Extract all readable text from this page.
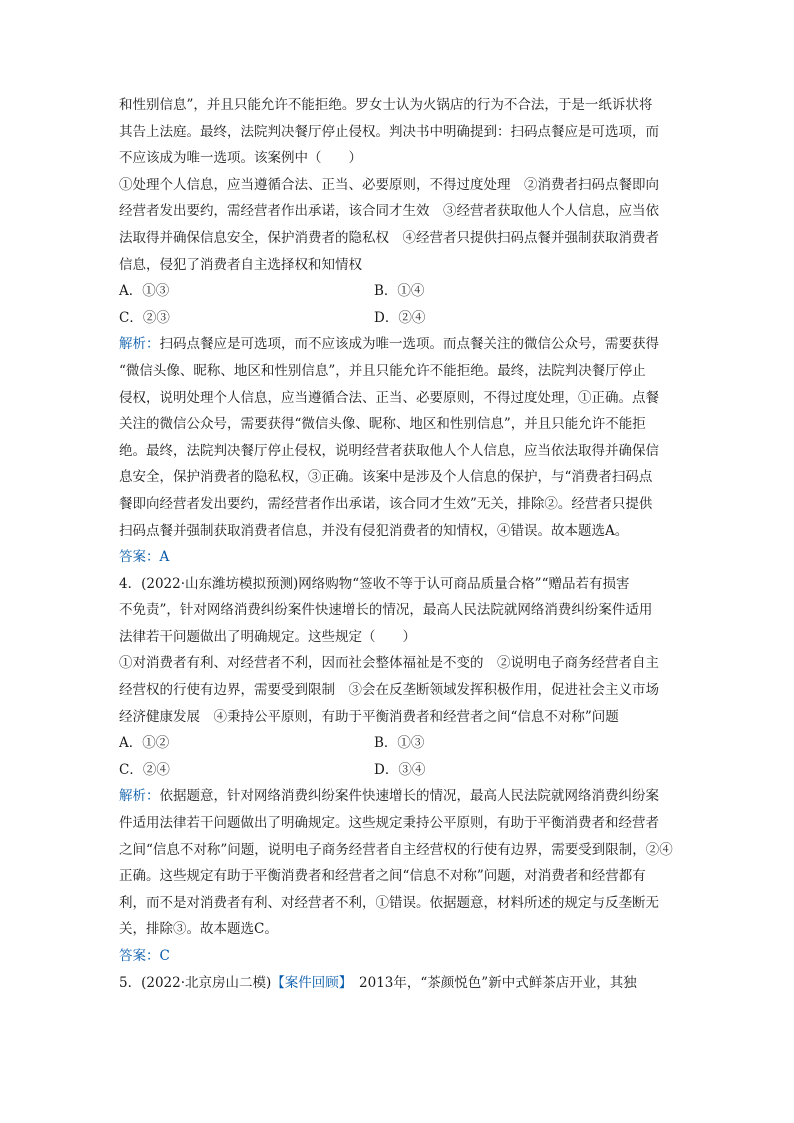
和性别信息”，并且只能允许不能拒绝。罗女士认为火锅店的行为不合法，于是一纸诉状将
其告上法庭。最终，法院判决餐厅停止侵权。判决书中明确提到：扫码点餐应是可选项，而
不应该成为唯一选项。该案例中（　　）
①处理个人信息，应当遵循合法、正当、必要原则，不得过度处理　②消费者扫码点餐即向
经营者发出要约，需经营者作出承诺，该合同才生效　③经营者获取他人个人信息，应当依
法取得并确保信息安全，保护消费者的隐私权　④经营者只提供扫码点餐并强制获取消费者
信息，侵犯了消费者自主选择权和知情权
A．①③	B．①④
C．②③	D．②④
解析：扫码点餐应是可选项，而不应该成为唯一选项。而点餐关注的微信公众号，需要获得
“微信头像、昵称、地区和性别信息”，并且只能允许不能拒绝。最终，法院判决餐厅停止
侵权，说明处理个人信息，应当遵循合法、正当、必要原则，不得过度处理，①正确。点餐
关注的微信公众号，需要获得“微信头像、昵称、地区和性别信息”，并且只能允许不能拒
绝。最终，法院判决餐厅停止侵权，说明经营者获取他人个人信息，应当依法取得并确保信
息安全，保护消费者的隐私权，③正确。该案中是涉及个人信息的保护，与“消费者扫码点
餐即向经营者发出要约，需经营者作出承诺，该合同才生效”无关，排除②。经营者只提供
扫码点餐并强制获取消费者信息，并没有侵犯消费者的知情权，④错误。故本题选A。
答案：A
4．(2022·山东潍坊模拟预测)网络购物“签收不等于认可商品质量合格”“赠品若有损害
不免责”，针对网络消费纠纷案件快速增长的情况，最高人民法院就网络消费纠纷案件适用
法律若干问题做出了明确规定。这些规定（　　）
①对消费者有利、对经营者不利，因而社会整体福祉是不变的　②说明电子商务经营者自主
经营权的行使有边界，需要受到限制　③会在反垄断领域发挥积极作用，促进社会主义市场
经济健康发展　④秉持公平原则，有助于平衡消费者和经营者之间“信息不对称”问题
A．①②	B．①③
C．②④	D．③④
解析：依据题意，针对网络消费纠纷案件快速增长的情况，最高人民法院就网络消费纠纷案
件适用法律若干问题做出了明确规定。这些规定秉持公平原则，有助于平衡消费者和经营者
之间“信息不对称”问题，说明电子商务经营者自主经营权的行使有边界，需要受到限制，②④
正确。这些规定有助于平衡消费者和经营者之间“信息不对称”问题，对消费者和经营都有
利，而不是对消费者有利、对经营者不利，①错误。依据题意，材料所述的规定与反垄断无
关，排除③。故本题选C。
答案：C
5．(2022·北京房山二模)【案件回顾】　2013年，“茶颜悦色”新中式鲜茶店开业，其独
